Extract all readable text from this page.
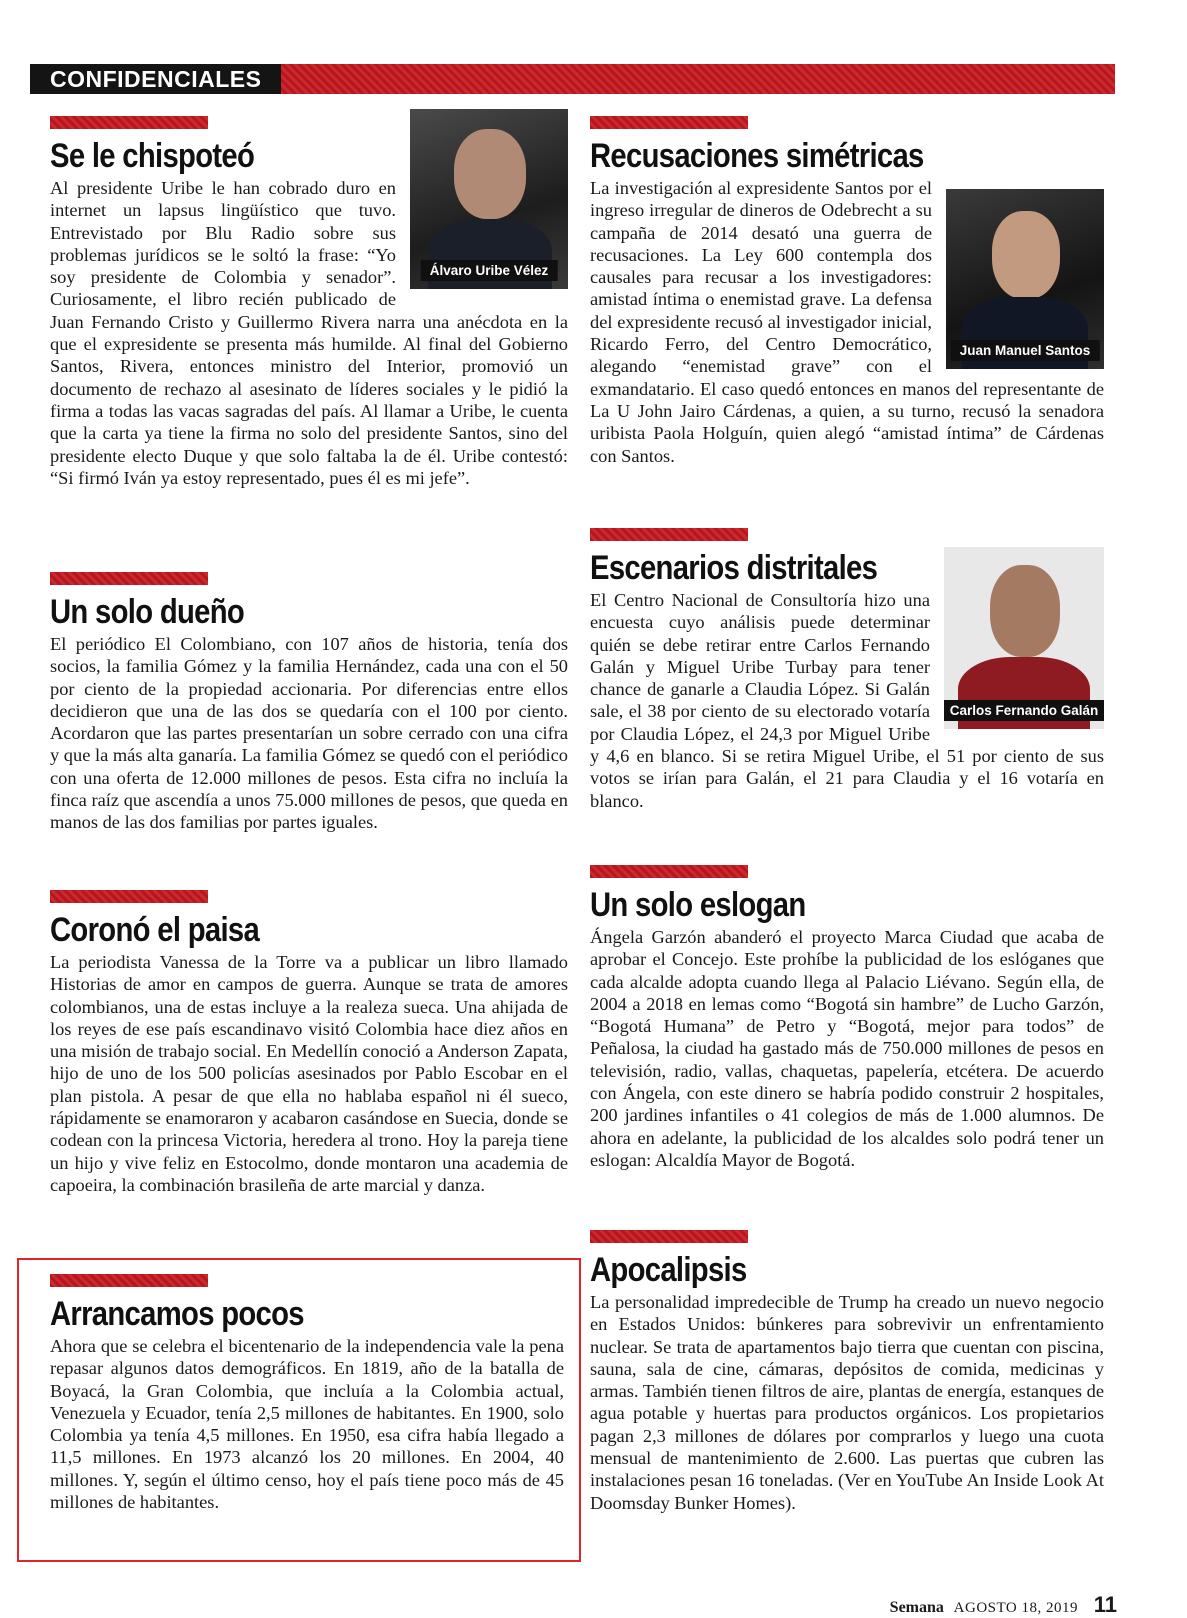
CONFIDENCIALES
Álvaro Uribe Vélez
Se le chispoteó
Al presidente Uribe le han cobrado duro en internet un lapsus lingüístico que tuvo. Entrevistado por Blu Radio sobre sus problemas jurídicos se le soltó la frase: “Yo soy presidente de Colombia y senador”. Curiosamente, el libro recién publicado de Juan Fernando Cristo y Guillermo Rivera narra una anécdota en la que el expresidente se presenta más humilde. Al final del Gobierno Santos, Rivera, entonces ministro del Interior, promovió un documento de rechazo al asesinato de líderes sociales y le pidió la firma a todas las vacas sagradas del país. Al llamar a Uribe, le cuenta que la carta ya tiene la firma no solo del presidente Santos, sino del presidente electo Duque y que solo faltaba la de él. Uribe contestó: “Si firmó Iván ya estoy representado, pues él es mi jefe”.
Un solo dueño
El periódico El Colombiano, con 107 años de historia, tenía dos socios, la familia Gómez y la familia Hernández, cada una con el 50 por ciento de la propiedad accionaria. Por diferencias entre ellos decidieron que una de las dos se quedaría con el 100 por ciento. Acordaron que las partes presentarían un sobre cerrado con una cifra y que la más alta ganaría. La familia Gómez se quedó con el periódico con una oferta de 12.000 millones de pesos. Esta cifra no incluía la finca raíz que ascendía a unos 75.000 millones de pesos, que queda en manos de las dos familias por partes iguales.
Coronó el paisa
La periodista Vanessa de la Torre va a publicar un libro llamado Historias de amor en campos de guerra. Aunque se trata de amores colombianos, una de estas incluye a la realeza sueca. Una ahijada de los reyes de ese país escandinavo visitó Colombia hace diez años en una misión de trabajo social. En Medellín conoció a Anderson Zapata, hijo de uno de los 500 policías asesinados por Pablo Escobar en el plan pistola. A pesar de que ella no hablaba español ni él sueco, rápidamente se enamoraron y acabaron casándose en Suecia, donde se codean con la princesa Victoria, heredera al trono. Hoy la pareja tiene un hijo y vive feliz en Estocolmo, donde montaron una academia de capoeira, la combinación brasileña de arte marcial y danza.
Arrancamos pocos
Ahora que se celebra el bicentenario de la independencia vale la pena repasar algunos datos demográficos. En 1819, año de la batalla de Boyacá, la Gran Colombia, que incluía a la Colombia actual, Venezuela y Ecuador, tenía 2,5 millones de habitantes. En 1900, solo Colombia ya tenía 4,5 millones. En 1950, esa cifra había llegado a 11,5 millones. En 1973 alcanzó los 20 millones. En 2004, 40 millones. Y, según el último censo, hoy el país tiene poco más de 45 millones de habitantes.
Recusaciones simétricas
Juan Manuel Santos
La investigación al expresidente Santos por el ingreso irregular de dineros de Odebrecht a su campaña de 2014 desató una guerra de recusaciones. La Ley 600 contempla dos causales para recusar a los investigadores: amistad íntima o enemistad grave. La defensa del expresidente recusó al investigador inicial, Ricardo Ferro, del Centro Democrático, alegando “enemistad grave” con el exmandatario. El caso quedó entonces en manos del representante de La U John Jairo Cárdenas, a quien, a su turno, recusó la senadora uribista Paola Holguín, quien alegó “amistad íntima” de Cárdenas con Santos.
Escenarios distritales
Carlos Fernando Galán
El Centro Nacional de Consultoría hizo una encuesta cuyo análisis puede determinar quién se debe retirar entre Carlos Fernando Galán y Miguel Uribe Turbay para tener chance de ganarle a Claudia López. Si Galán sale, el 38 por ciento de su electorado votaría por Claudia López, el 24,3 por Miguel Uribe y 4,6 en blanco. Si se retira Miguel Uribe, el 51 por ciento de sus votos se irían para Galán, el 21 para Claudia y el 16 votaría en blanco.
Un solo eslogan
Ángela Garzón abanderó el proyecto Marca Ciudad que acaba de aprobar el Concejo. Este prohíbe la publicidad de los eslóganes que cada alcalde adopta cuando llega al Palacio Liévano. Según ella, de 2004 a 2018 en lemas como “Bogotá sin hambre” de Lucho Garzón, “Bogotá Humana” de Petro y “Bogotá, mejor para todos” de Peñalosa, la ciudad ha gastado más de 750.000 millones de pesos en televisión, radio, vallas, chaquetas, papelería, etcétera. De acuerdo con Ángela, con este dinero se habría podido construir 2 hospitales, 200 jardines infantiles o 41 colegios de más de 1.000 alumnos. De ahora en adelante, la publicidad de los alcaldes solo podrá tener un eslogan: Alcaldía Mayor de Bogotá.
Apocalipsis
La personalidad impredecible de Trump ha creado un nuevo negocio en Estados Unidos: búnkeres para sobrevivir un enfrentamiento nuclear. Se trata de apartamentos bajo tierra que cuentan con piscina, sauna, sala de cine, cámaras, depósitos de comida, medicinas y armas. También tienen filtros de aire, plantas de energía, estanques de agua potable y huertas para productos orgánicos. Los propietarios pagan 2,3 millones de dólares por comprarlos y luego una cuota mensual de mantenimiento de 2.600. Las puertas que cubren las instalaciones pesan 16 toneladas. (Ver en YouTube An Inside Look At Doomsday Bunker Homes).
Semana AGOSTO 18, 2019 11
